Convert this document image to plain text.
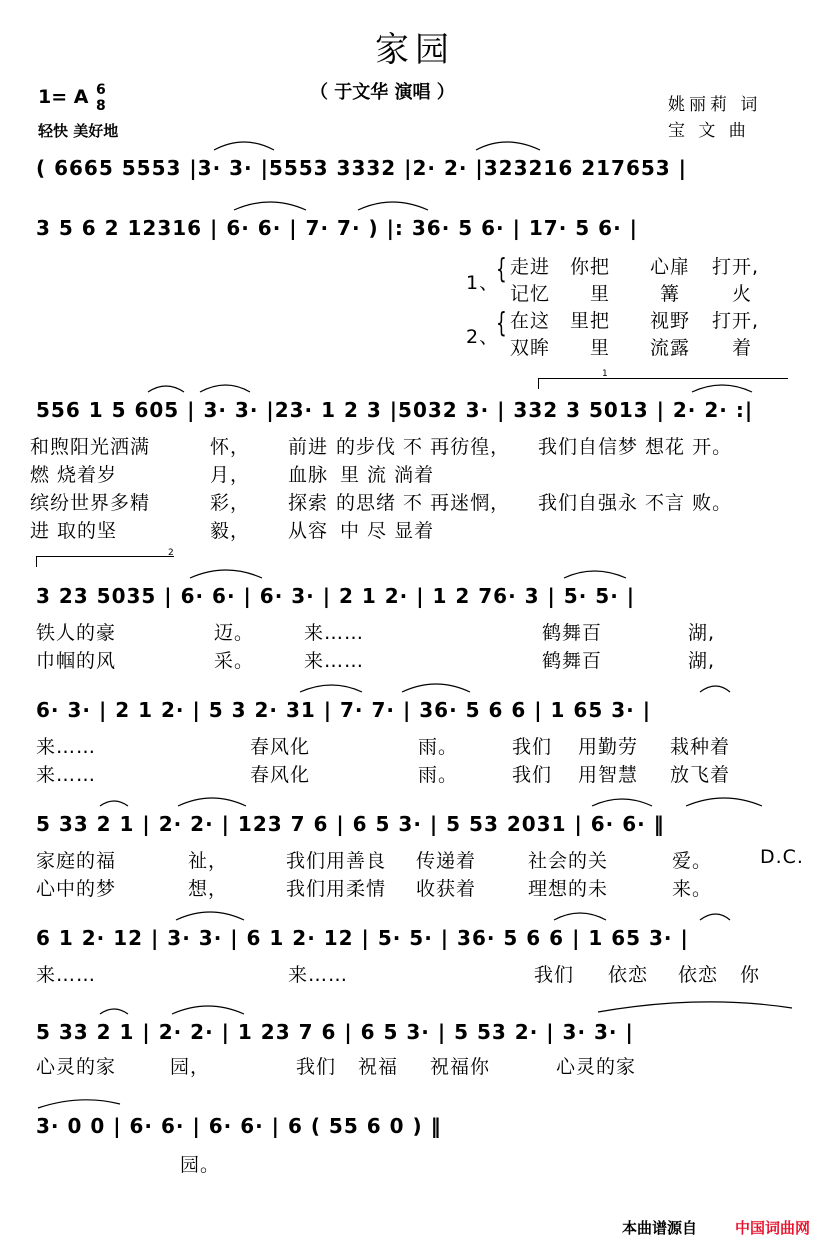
家园
（ 于文华 演唱 ）
1= A 6
8
轻快 美好地
姚丽莉 词
宝 文 曲
( 6665 5553 |3· 3· |5553 3332 |2· 2· |323216 217653 |
3 5 6 2 12316 | 6· 6· | 7· 7· ) |: 36· 5 6· | 17· 5 6· |
1、
{
2、
{
走进 你把 心扉 打开,
记忆 里	篝	火
在这 里把 视野 打开,
双眸 里 流露 着
1
556 1 5 605 | 3· 3· |23· 1 2 3 |5032 3· | 332 3 5013 | 2· 2· :|
和煦阳光洒满	怀， 前进 的步伐 不 再彷徨， 我们自信梦 想花 开。
燃 烧着岁	月， 血脉 里 流 淌着
缤纷世界多精	彩， 探索 的思绪 不 再迷惘， 我们自强永 不言 败。
进 取的坚	毅， 从容 中 尽 显着
2
3 23 5035 | 6· 6· | 6· 3· | 2 1 2· | 1 2 76· 3 | 5· 5· |
铁人的豪	迈。	来……	鹤舞百	湖,
巾帼的风	采。	来……	鹤舞百	湖,
6· 3· | 2 1 2· | 5 3 2· 31 | 7· 7· | 36· 5 6 6 | 1 65 3· |
来……	春风化	雨。	我们 用勤劳 栽种着
来……	春风化	雨。	我们 用智慧 放飞着
5 33 2 1 | 2· 2· | 123 7 6 | 6 5 3· | 5 53 2031 | 6· 6· ‖
家庭的福	祉，	我们用善良 传递着	社会的关	爱。	D.C.
心中的梦	想，	我们用柔情 收获着	理想的未	来。
6 1 2· 12 | 3· 3· | 6 1 2· 12 | 5· 5· | 36· 5 6 6 | 1 65 3· |
来……	来……	我们 依恋 依恋 你
5 33 2 1 | 2· 2· | 1 23 7 6 | 6 5 3· | 5 53 2· | 3· 3· |
心灵的家	园，	我们 祝福 祝福你	心灵的家
3· 0 0 | 6· 6· | 6· 6· | 6 ( 55 6 0 ) ‖
园。
本曲谱源自	中国词曲网
